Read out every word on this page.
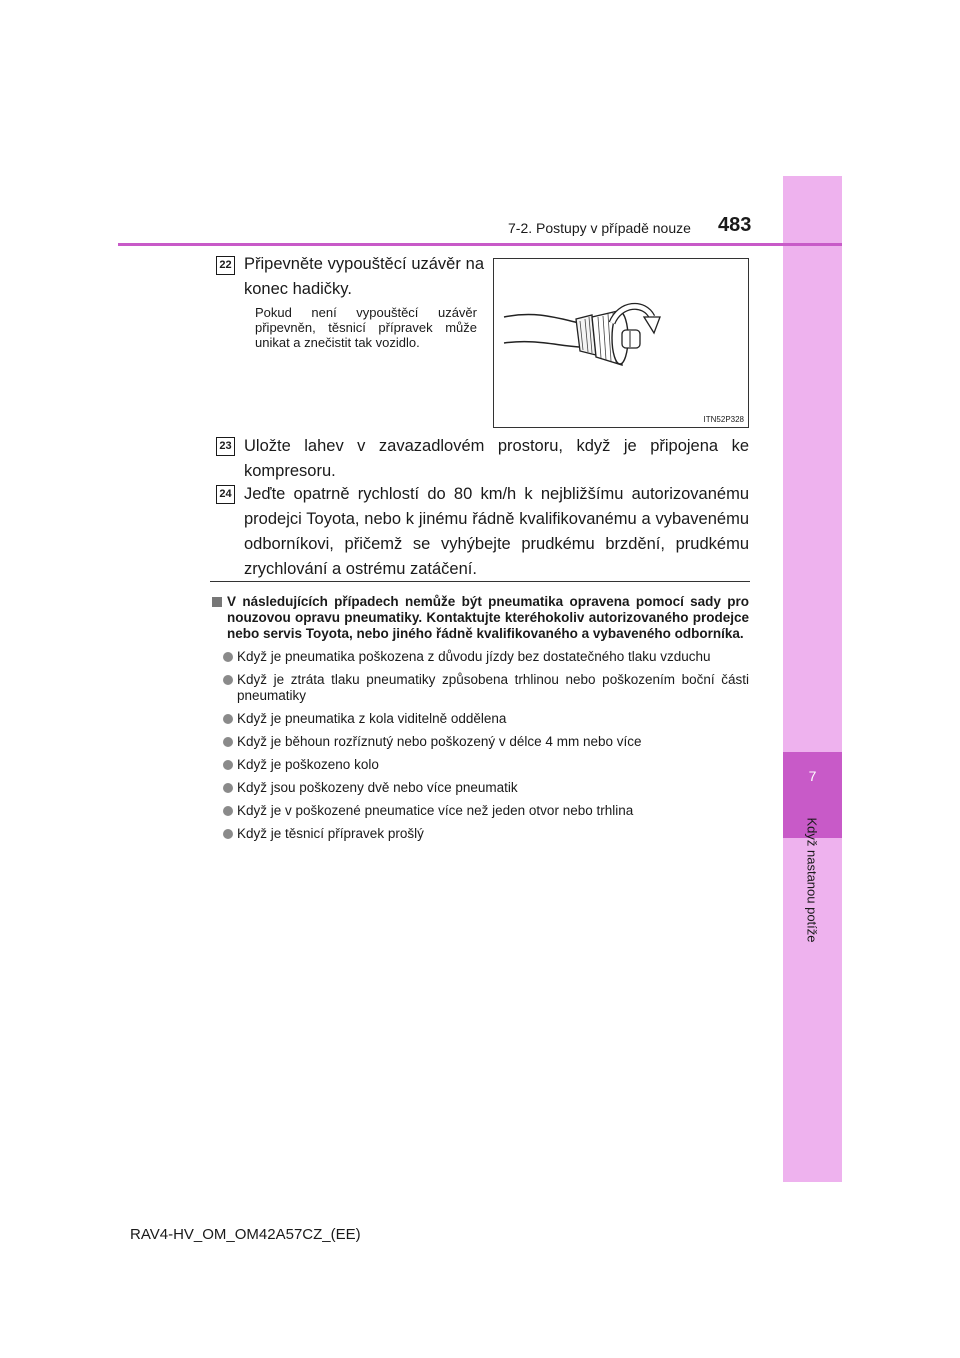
7
Když nastanou potíže
7-2. Postupy v případě nouze 483
22 Připevněte vypouštěcí uzávěr na konec hadičky.
Pokud není vypouštěcí uzávěr připevněn, těsnicí přípravek může unikat a znečistit tak vozidlo.
ITN52P328
23 Uložte lahev v zavazadlovém prostoru, když je připojena ke kompresoru.
24 Jeďte opatrně rychlostí do 80 km/h k nejbližšímu autorizovanému prodejci Toyota, nebo k jinému řádně kvalifikovanému a vybavenému odborníkovi, přičemž se vyhýbejte prudkému brzdění, prudkému zrychlování a ostrému zatáčení.
V následujících případech nemůže být pneumatika opravena pomocí sady pro nouzovou opravu pneumatiky. Kontaktujte kteréhokoliv autorizovaného prodejce nebo servis Toyota, nebo jiného řádně kvalifikovaného a vybaveného odborníka.
Když je pneumatika poškozena z důvodu jízdy bez dostatečného tlaku vzduchu
Když je ztráta tlaku pneumatiky způsobena trhlinou nebo poškozením boční části pneumatiky
Když je pneumatika z kola viditelně oddělena
Když je běhoun rozříznutý nebo poškozený v délce 4 mm nebo více
Když je poškozeno kolo
Když jsou poškozeny dvě nebo více pneumatik
Když je v poškozené pneumatice více než jeden otvor nebo trhlina
Když je těsnicí přípravek prošlý
RAV4-HV_OM_OM42A57CZ_(EE)
